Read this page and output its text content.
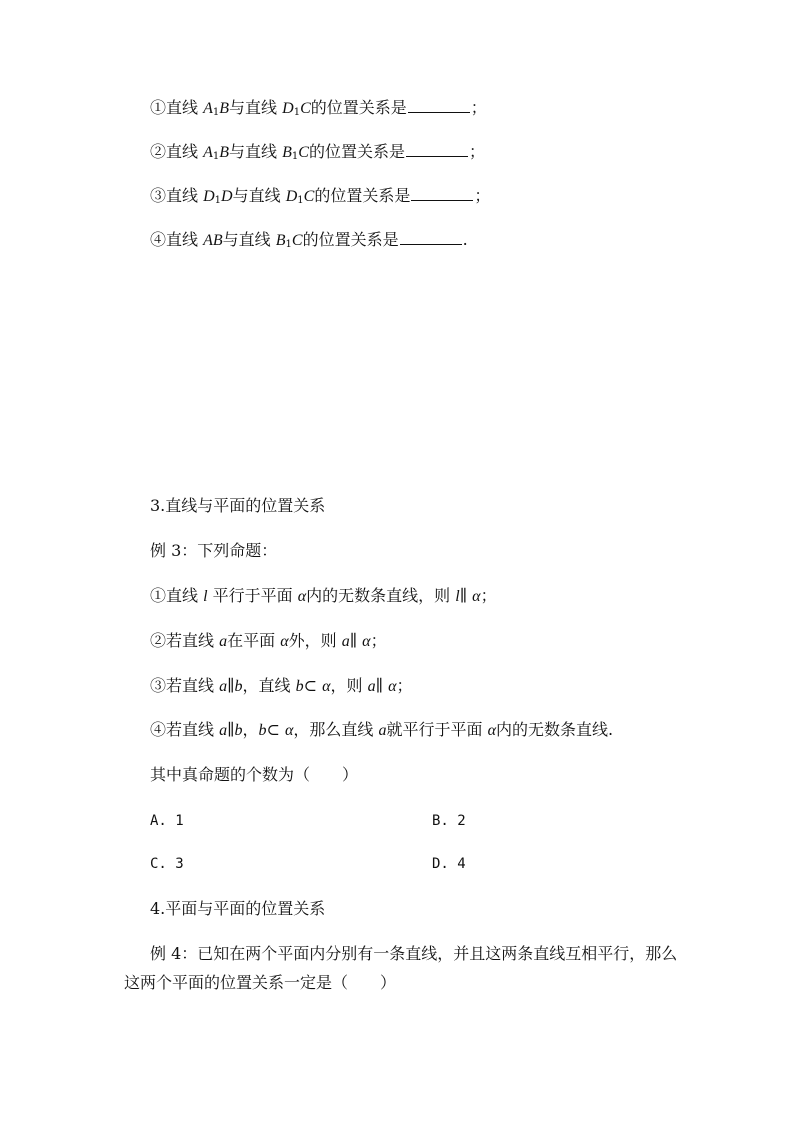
①直线 $A_1B$与直线 $D_1C$的位置关系是	；
②直线 $A_1B$与直线 $B_1C$的位置关系是	；
③直线 $D_1D$与直线 $D_1C$的位置关系是	；
④直线 AB与直线 $B_1C$的位置关系是	.
3.直线与平面的位置关系
例 3：下列命题：
①直线 l 平行于平面 α内的无数条直线，则 l∥ α；
②若直线 a在平面 α外，则 a∥ α；
③若直线 a∥b，直线 b⊂ α，则 a∥ α；
④若直线 a∥b，b⊂ α，那么直线 a就平行于平面 α内的无数条直线.
其中真命题的个数为（　　）
A. 1	B. 2
C. 3	D. 4
4.平面与平面的位置关系
例 4：已知在两个平面内分别有一条直线，并且这两条直线互相平行，那么
这两个平面的位置关系一定是（　　）
